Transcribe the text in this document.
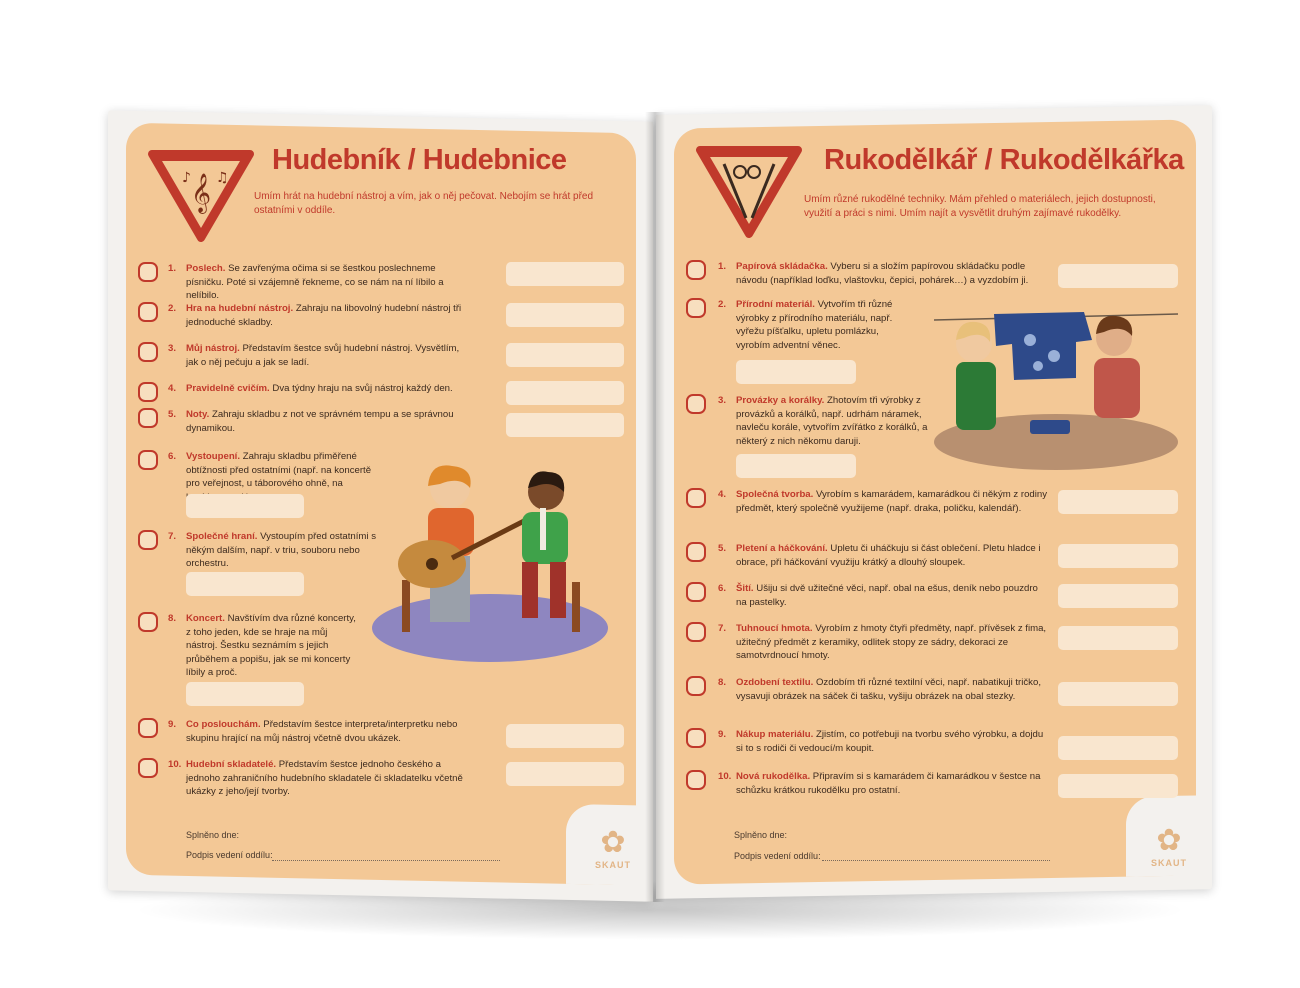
𝄞
♪ ♫
Hudebník / Hudebnice	Rukodělkář / Rukodělkářka
Umím hrát na hudební nástroj a vím, jak o něj pečovat. Nebojím se hrát před ostatními v oddíle.
Umím různé rukodělné techniky. Mám přehled o materiálech, jejich dostupnosti, využití a práci s nimi. Umím najít a vysvětlit druhým zajímavé rukodělky.
1. Poslech. Se zavřenýma očima si se šestkou poslechneme písničku. Poté si vzájemně řekneme, co se nám na ní líbilo a nelíbilo.
2. Hra na hudební nástroj. Zahraju na libovolný hudební nástroj tři jednoduché skladby.
3. Můj nástroj. Představím šestce svůj hudební nástroj. Vysvětlím, jak o něj pečuju a jak se ladí.
4. Pravidelně cvičím. Dva týdny hraju na svůj nástroj každý den.
5. Noty. Zahraju skladbu z not ve správném tempu a se správnou dynamikou.
6. Vystoupení. Zahraju skladbu přiměřené obtížnosti před ostatními (např. na koncertě pro veřejnost, u táborového ohně, na
7. Společné hraní. Vystoupím před ostatními s někým dalším, např. v triu, souboru nebo orchestru.
8. Koncert. Navštívím dva různé koncerty, z toho jeden, kde se hraje na můj nástroj. Šestku seznámím s jejich průběhem a popišu, jak se mi koncerty líbily a proč.
9. Co poslouchám. Představím šestce interpreta/interpretku nebo skupinu hrající na můj nástroj včetně dvou ukázek.
10. Hudební skladatelé. Představím šestce jednoho českého a jednoho zahraničního hudebního skladatele či skladatelku včetně ukázky z jeho/její tvorby.
1. Papírová skládačka. Vyberu si a složím papírovou skládačku podle návodu (například loďku, vlaštovku, čepici, pohárek…) a vyzdobím ji.
2. Přírodní materiál. Vytvořím tři různé výrobky z přírodního materiálu, např. vyřežu píšťalku, upletu pomlázku, vyrobím adventní věnec.
3. Provázky a korálky. Zhotovím tři výrobky z provázků a korálků, např. udrhám náramek, navleču korále, vytvořím zvířátko z korálků, a některý z nich někomu daruji.
4. Společná tvorba. Vyrobím s kamarádem, kamarádkou či někým z rodiny předmět, který společně využijeme (např. draka, poličku, kalendář).
5. Pletení a háčkování. Upletu či uháčkuju si část oblečení. Pletu hladce i obrace, při háčkování využiju krátký a dlouhý sloupek.
6. Šití. Ušiju si dvě užitečné věci, např. obal na ešus, deník nebo pouzdro na pastelky.
7. Tuhnoucí hmota. Vyrobím z hmoty čtyři předměty, např. přívěsek z fima, užitečný předmět z keramiky, odlitek stopy ze sádry, dekoraci ze samotvrdnoucí hmoty.
8. Ozdobení textilu. Ozdobím tři různé textilní věci, např. nabatikuji tričko, vysavuji obrázek na sáček či tašku, vyšiju obrázek na obal stezky.
9. Nákup materiálu. Zjistím, co potřebuji na tvorbu svého výrobku, a dojdu si to s rodiči či vedoucí/m koupit.
10. Nová rukodělka. Připravím si s kamarádem či kamarádkou v šestce na schůzku krátkou rukodělku pro ostatní.
Splněno dne:
Podpis vedení oddílu:
Splněno dne:
Podpis vedení oddílu:
✿
SKAUT
✿
SKAUT
